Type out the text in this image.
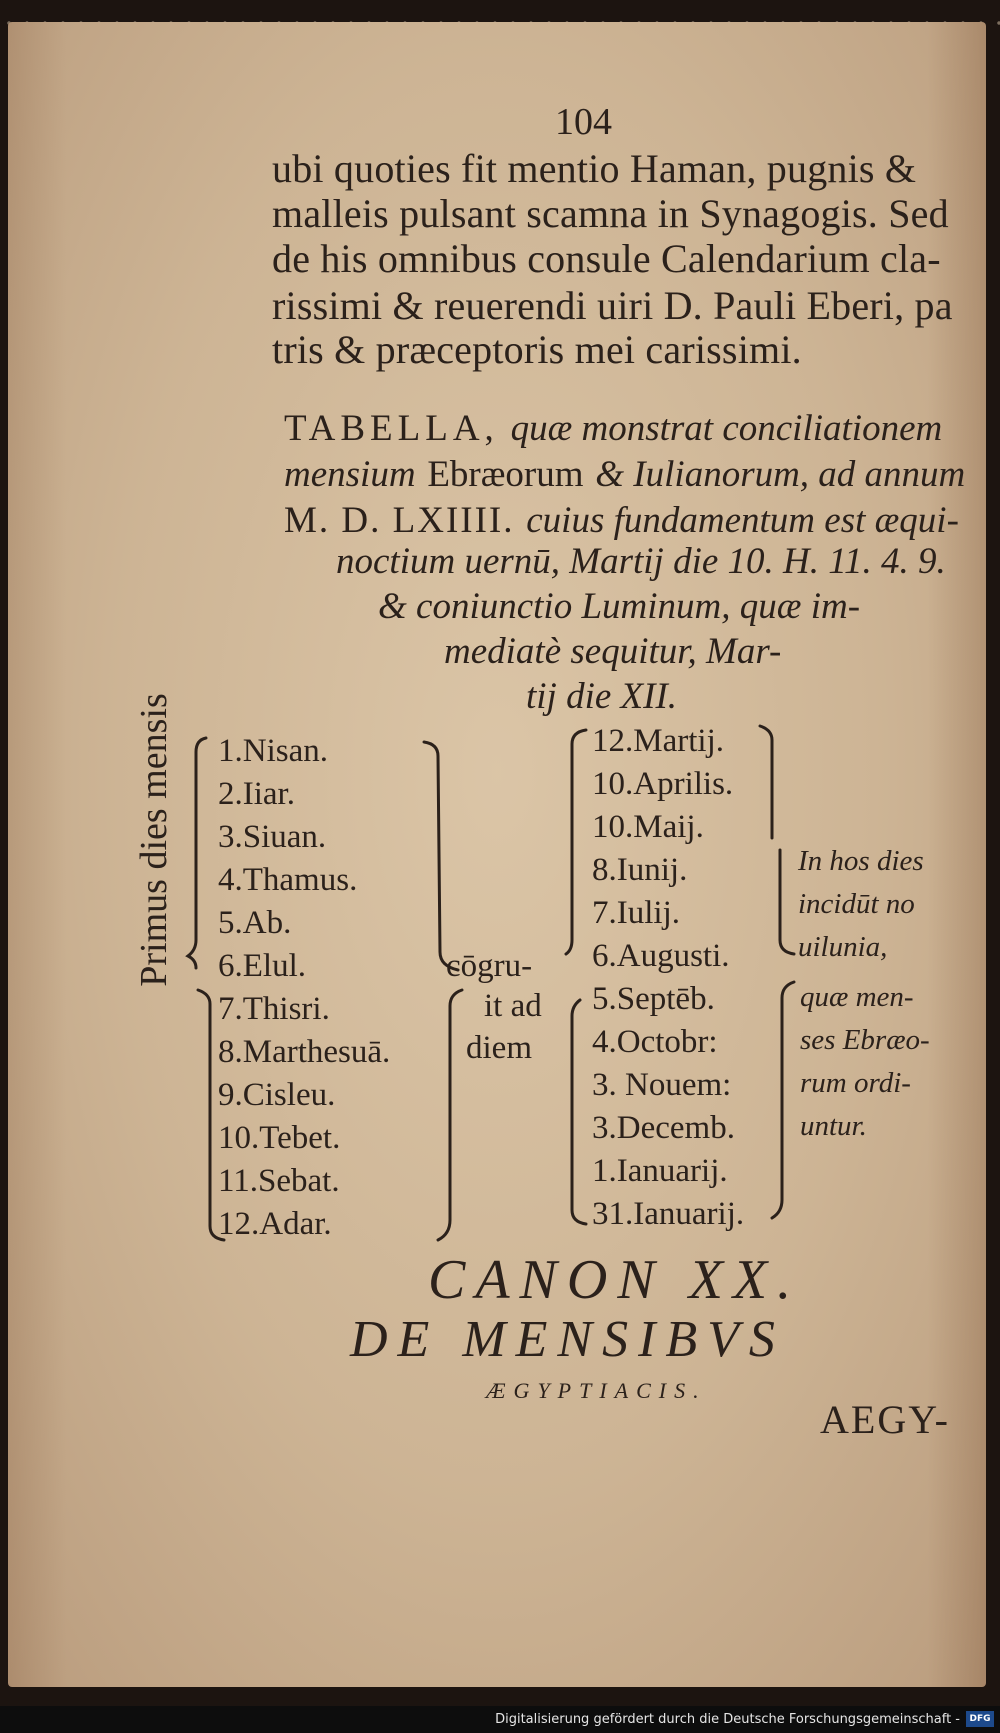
104
ubi quoties fit mentio Haman, pugnis &
malleis pulsant scamna in Synagogis. Sed
de his omnibus consule Calendarium cla-
rissimi & reuerendi uiri D. Pauli Eberi, pa
tris & præceptoris mei carissimi.
TABELLA, quæ monstrat conciliationem
mensium Ebræorum & Iulianorum, ad annum
M. D. LXIIII. cuius fundamentum est æqui-
noctium uernū, Martij die 10. H. 11. 4. 9.
& coniunctio Luminum, quæ im-
mediatè sequitur, Mar-
tij die XII.
Primus dies mensis 1.Nisan.
2.Iiar.
3.Siuan.
4.Thamus.
5.Ab.
6.Elul.
7.Thisri.
8.Marthesuā.
9.Cisleu.
10.Tebet.
11.Sebat.
12.Adar.
cōgru-
it ad
diem
12.Martij.
10.Aprilis.
10.Maij.
8.Iunij.
7.Iulij.
6.Augusti.
5.Septēb.
4.Octobr:
3. Nouem:
3.Decemb.
1.Ianuarij.
31.Ianuarij.
In hos dies
incidūt no
uilunia,
quæ men-
ses Ebræo-
rum ordi-
untur.
CANON XX.
DE MENSIBVS
ÆGYPTIACIS.
AEGY-
Digitalisierung gefördert durch die Deutsche Forschungsgemeinschaft -	DFG
